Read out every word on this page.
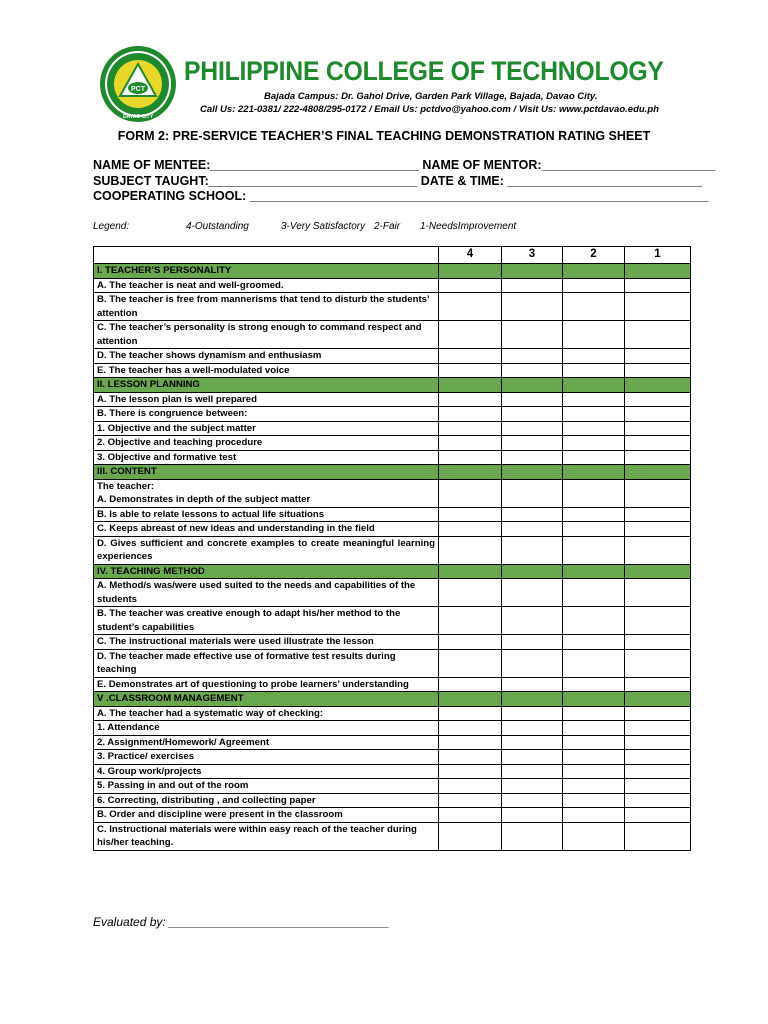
PCT
DAVAO CITY
PHILIPPINE COLLEGE OF TECHNOLOGY
Bajada Campus: Dr. Gahol Drive, Garden Park Village, Bajada, Davao City.
Call Us: 221-0381/ 222-4808/295-0172 / Email Us: pctdvo@yahoo.com / Visit Us: www.pctdavao.edu.ph
FORM 2: PRE-SERVICE TEACHER’S FINAL TEACHING DEMONSTRATION RATING SHEET
NAME OF MENTEE:______________________________ NAME OF MENTOR:_________________________
SUBJECT TAUGHT:______________________________ DATE & TIME: ____________________________
COOPERATING SCHOOL: __________________________________________________________________
Legend:	4-Outstanding	3-Very Satisfactory 2-Fair 1-NeedsImprovement
	4	3	2	1

I. TEACHER’S PERSONALITY				

A. The teacher is neat and well-groomed.				

B. The teacher is free from mannerisms that tend to disturb the students’ attention				

C. The teacher’s personality is strong enough to command respect and attention				

D. The teacher shows dynamism and enthusiasm				

E. The teacher has a well-modulated voice				

II. LESSON PLANNING				

A. The lesson plan is well prepared				

B. There is congruence between:				

1. Objective and the subject matter				

2. Objective and teaching procedure				

3. Objective and formative test				

III. CONTENT				

The teacher:
A. Demonstrates in depth of the subject matter				

B. Is able to relate lessons to actual life situations				

C. Keeps abreast of new ideas and understanding in the field				

D. Gives sufficient and concrete examples to create meaningful learning experiences				

IV. TEACHING METHOD				

A. Method/s was/were used suited to the needs and capabilities of the students				

B. The teacher was creative enough to adapt his/her method to the student’s capabilities				

C. The instructional materials were used illustrate the lesson				

D. The teacher made effective use of formative test results during teaching				

E. Demonstrates art of questioning to probe learners’ understanding				

V .CLASSROOM MANAGEMENT				

A. The teacher had a systematic way of checking:				

1. Attendance				

2. Assignment/Homework/ Agreement				

3. Practice/ exercises				

4. Group work/projects				

5. Passing in and out of the room				

6. Correcting, distributing , and collecting paper				

B. Order and discipline were present in the classroom				

C. Instructional materials were within easy reach of the teacher during his/her teaching.				

Evaluated by: _________________________________
